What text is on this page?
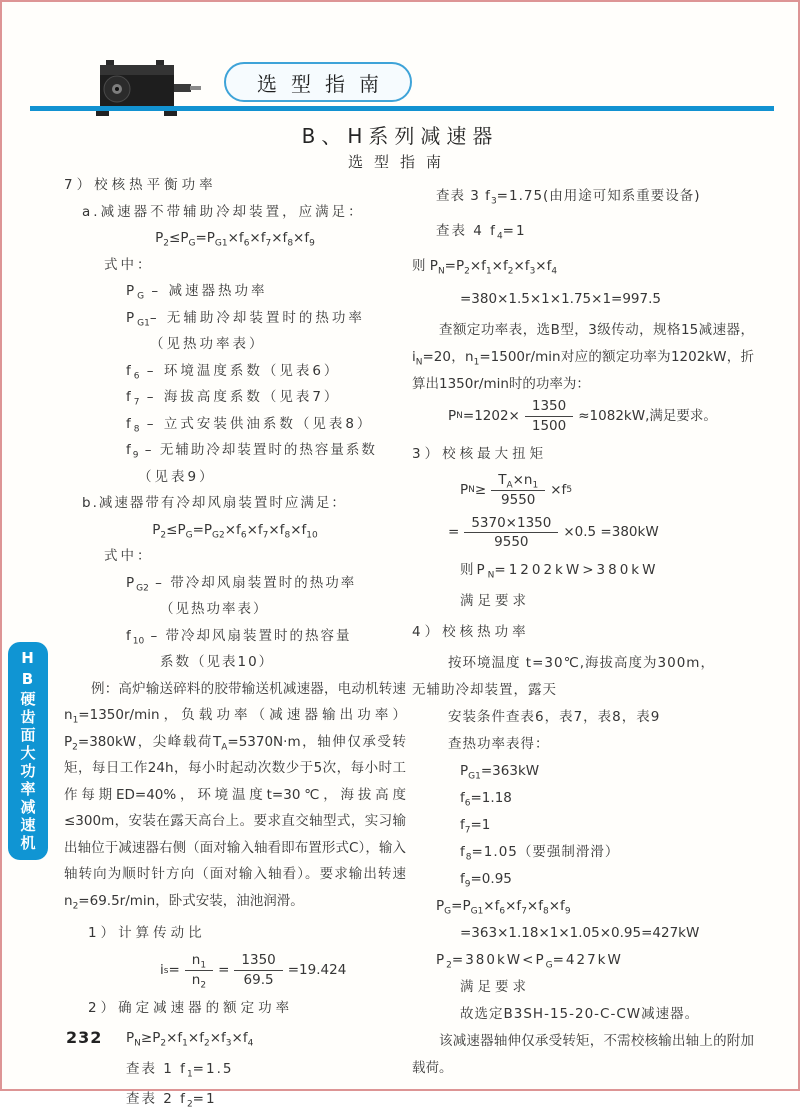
选型指南
B、H系列减速器
选型指南
7）校核热平衡功率
a.减速器不带辅助冷却装置，应满足：
$P_2\le P_G=P_{G1}\times f_6\times f_7\times f_8\times f_9$
式中：
$P_G$ – 减速器热功率
$P_{G1}-$ 无辅助冷却装置时的热功率
（见热功率表）
$f_6$ – 环境温度系数（见表6）
$f_7$ – 海拔高度系数（见表7）
$f_8$ – 立式安装供油系数（见表8）
$f_9$ – 无辅助冷却装置时的热容量系数
（见表9）
b.减速器带有冷却风扇装置时应满足：
$P_2\le P_G=P_{G2}\times f_6\times f_7\times f_8\times f_{10}$
式中：
$P_{G2}$ – 带冷却风扇装置时的热功率
（见热功率表）
$f_{10}$ – 带冷却风扇装置时的热容量
系数（见表10）
例：高炉输送碎料的胶带输送机减速器，电动机转速$n_1=1350r/\min$，负载功率（减速器输出功率）$P_2=380kW$，尖峰载荷$T_A=5370N\cdot m$，轴伸仅承受转矩，每日工作24h，每小时起动次数少于5次，每小时工作每期ED=40%，环境温度t=30℃，海拔高度≤300m，安装在露天高台上。要求直交轴型式，实习输出轴位于减速器右侧（面对输入轴看即布置形式C），输入轴转向为顺时针方向（面对输入轴看）。要求输出转速$n_2=69.5r/\min$，卧式安装，油池润滑。
1）计算传动比
i $s = \frac{n_1}{n_2} = \frac{1350}{69.5} =19.424$
2）确定减速器的额定功率
$P_N\ge P_2\times f_1\times f_2\times f_3\times f_4$
查表 1 $f_1=1.5$
查表 2 $f_2=1$
查表 3 $f_3=1.75$(由用途可知系重要设备)
查表 4 $f_4=1$
则 $P_N=P_2\times f_1\times f_2\times f_3\times f_4$
=380×1.5×1×1.75×1=997.5
查额定功率表，选B型，3级传动，规格15减速器，$i_N=20$，$n_1=1500r/\min$对应的额定功率为1202kW，折算出1350r/min时的功率为：
P $N =1202\times \frac{1350}{1500} \approx 1082kW$,满足要求。
3）校核最大扭矩
P $N \ge \frac{T_A\times n_1}{9550} \times f$ 5
= $\frac{5370\times 1350}{9550} \times 0.5 =380kW$
则$P_N=1202kW>380kW$
满足要求
4）校核热功率
按环境温度 t=30℃,海拔高度为300m，
无辅助冷却装置，露天
安装条件查表6，表7，表8，表9
查热功率表得：
$P_{G1}=363kW$
$f_6=1.18$
$f_7=1$
$f_8=1.05$（要强制滑滑）
$f_9=0.95$
$P_G=P_{G1}\times f_6\times f_7\times f_8\times f_9$
=363×1.18×1×1.05×0.95=427kW
$P_2=380kW<P_G=427kW$
满足要求
故选定B3SH-15-20-C-CW减速器。
该减速器轴伸仅承受转矩，不需校核输出轴上的附加载荷。
HB硬齿面大功率减速机
232
